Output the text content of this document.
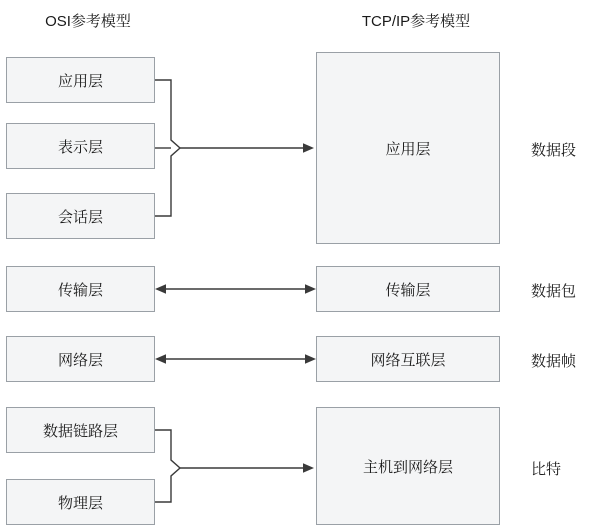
OSI参考模型	TCP/IP参考模型
应用层
表示层
会话层
传输层
网络层
数据链路层
物理层
应用层
传输层
网络互联层
主机到网络层
数据段
数据包
数据帧
比特
